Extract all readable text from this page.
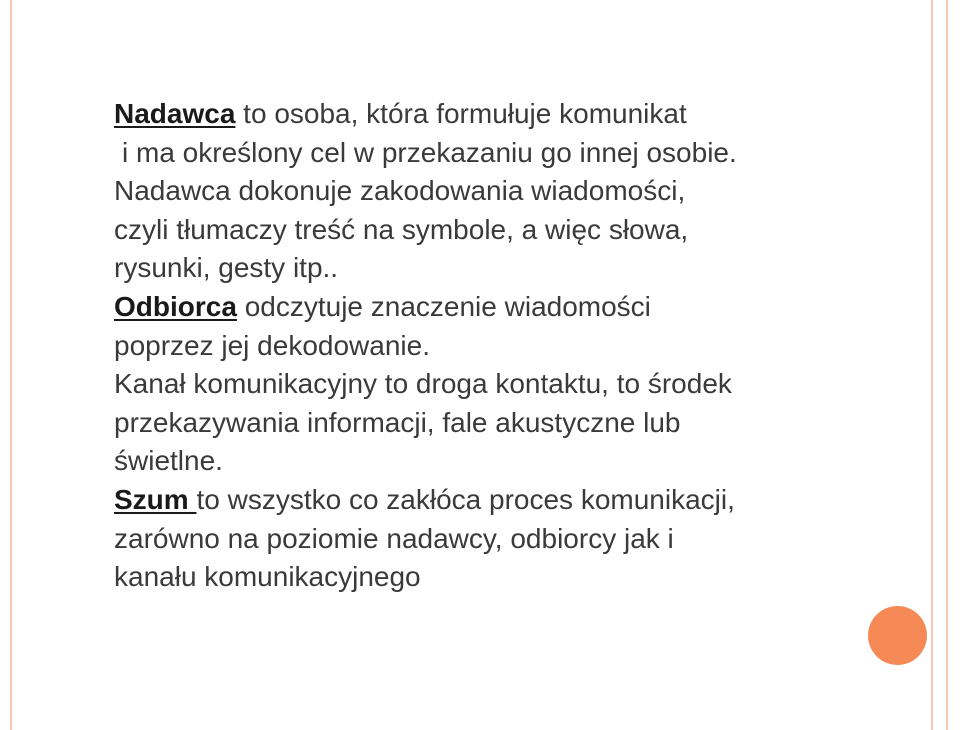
Nadawca to osoba, która formułuje komunikat
i ma określony cel w przekazaniu go innej osobie.
Nadawca dokonuje zakodowania wiadomości,
czyli tłumaczy treść na symbole, a więc słowa,
rysunki, gesty itp..
Odbiorca odczytuje znaczenie wiadomości
poprzez jej dekodowanie.
Kanał komunikacyjny to droga kontaktu, to środek
przekazywania informacji, fale akustyczne lub
świetlne.
Szum to wszystko co zakłóca proces komunikacji,
zarówno na poziomie nadawcy, odbiorcy jak i
kanału komunikacyjnego
